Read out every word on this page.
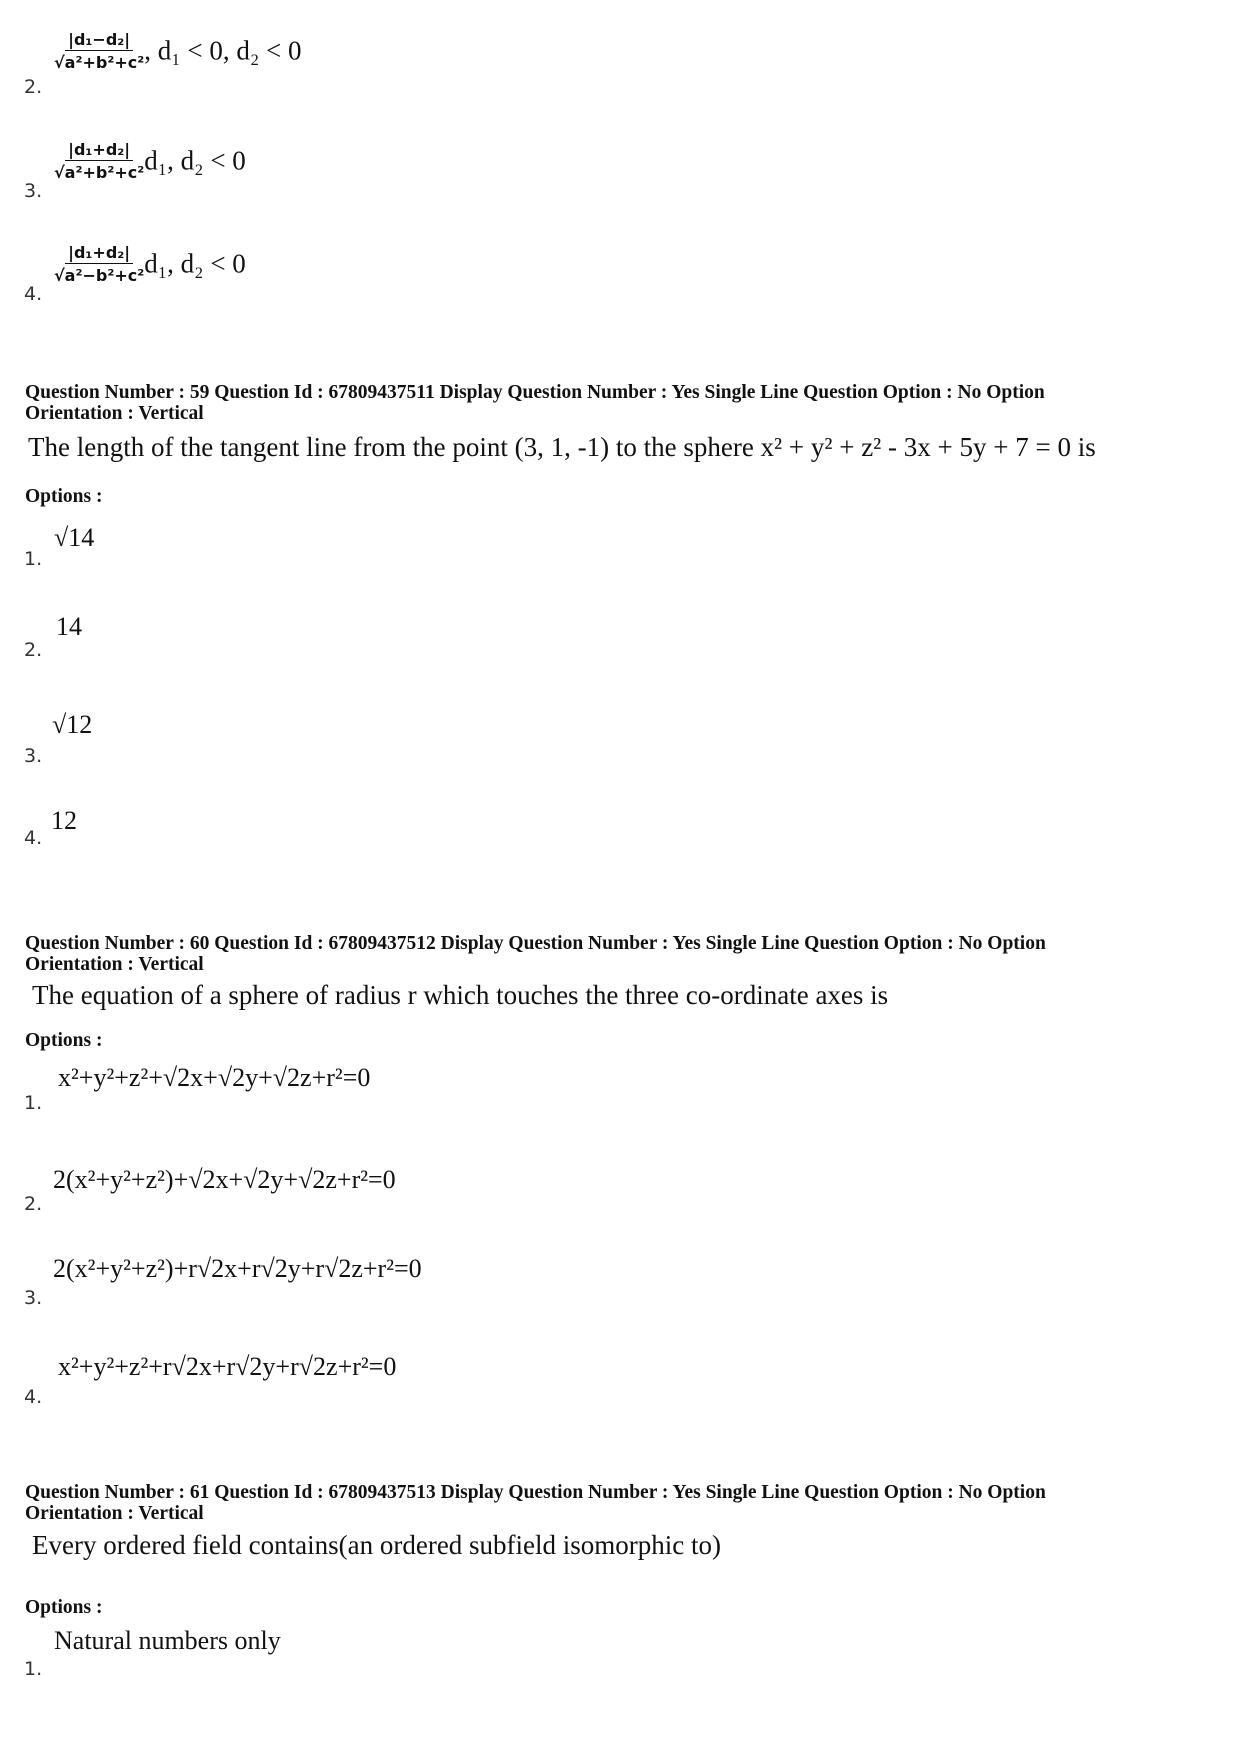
2.
$\frac{\text{|d₁−d₂|}}{\text{√a²+b²+c²}}$ , d₁ < 0, d₂ < 0
3.
$\frac{\text{|d₁+d₂|}}{\text{√a²+b²+c²}} d_1$, d₂ < 0
4.
$\frac{\text{|d₁+d₂|}}{\text{√a²−b²+c²}} d_1$, d₂ < 0
Question Number : 59 Question Id : 67809437511 Display Question Number : Yes Single Line Question Option : No Option
Orientation : Vertical
The length of the tangent line from the point (3, 1, -1) to the sphere x² + y² + z² - 3x + 5y + 7 = 0 is
Options :
1.
√14
2.
14
3.
√12
4.
12
Question Number : 60 Question Id : 67809437512 Display Question Number : Yes Single Line Question Option : No Option
Orientation : Vertical
The equation of a sphere of radius r which touches the three co-ordinate axes is
Options :
1.
x²+y²+z²+√2x+√2y+√2z+r²=0
2.
2(x²+y²+z²)+√2x+√2y+√2z+r²=0
3.
2(x²+y²+z²)+r√2x+r√2y+r√2z+r²=0
4.
x²+y²+z²+r√2x+r√2y+r√2z+r²=0
Question Number : 61 Question Id : 67809437513 Display Question Number : Yes Single Line Question Option : No Option
Orientation : Vertical
Every ordered field contains(an ordered subfield isomorphic to)
Options :
1.
Natural numbers only
